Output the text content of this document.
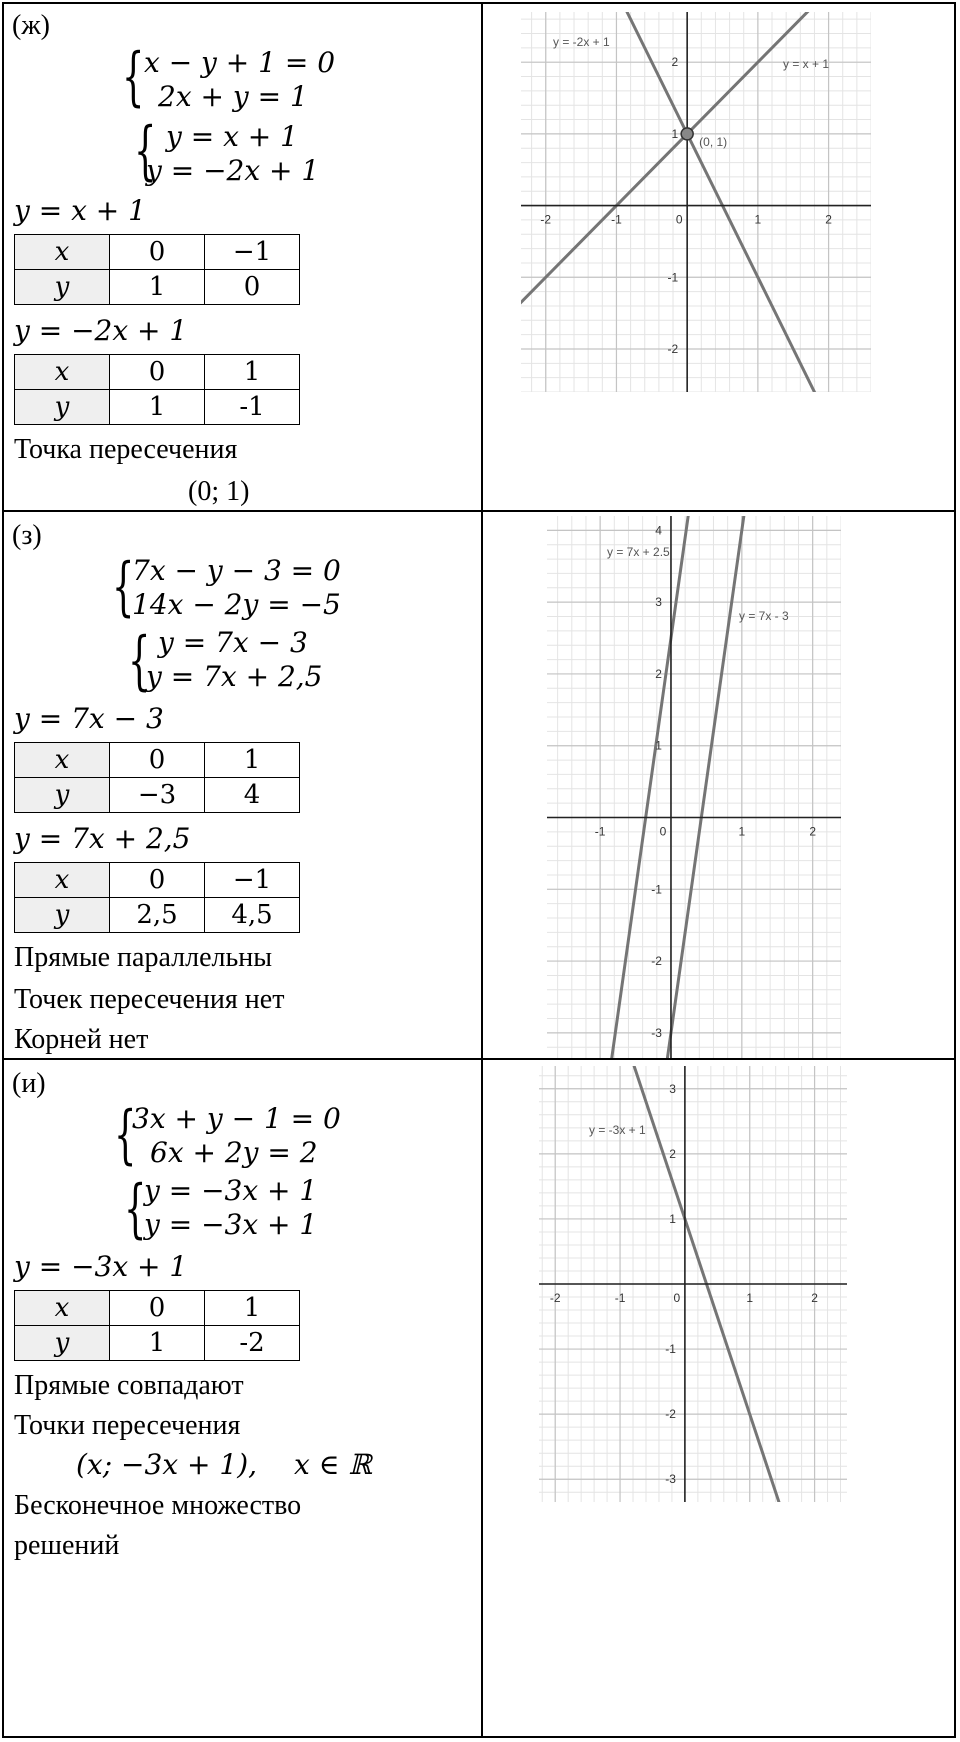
(ж)
{ x − y + 1 = 0
2x + y = 1
{ y = x + 1
y = −2x + 1
y = x + 1
x	0	−1
y	1	0
y = −2x + 1
x	0	1
y	1	-1
Точка пересечения
(0; 1)
-2	-1	0	1	2
-2
-1
1
2
y = -2x + 1
y = x + 1
(0, 1)
(з)
{
7x − y − 3 = 0
14x − 2y = −5
{ y = 7x − 3
y = 7x + 2,5
y = 7x − 3
x	0	1
y	−3	4
y = 7x + 2,5
x	0	−1
y	2,5	4,5
Прямые параллельны
Точек пересечения нет
Корней нет
-1	0	1	2
-3
-2
-1
1
2
3
4
y = 7x + 2.5
y = 7x - 3
(и)
{
3x + y − 1 = 0
6x + 2y = 2
{
y = −3x + 1
y = −3x + 1
y = −3x + 1
x	0	1
y	1	-2
Прямые совпадают
Точки пересечения
(x; −3x + 1), x ∈ ℝ
Бесконечное множество
решений
-2	-1	0	1	2
-3
-2
-1
1
2
3
y = -3x + 1
